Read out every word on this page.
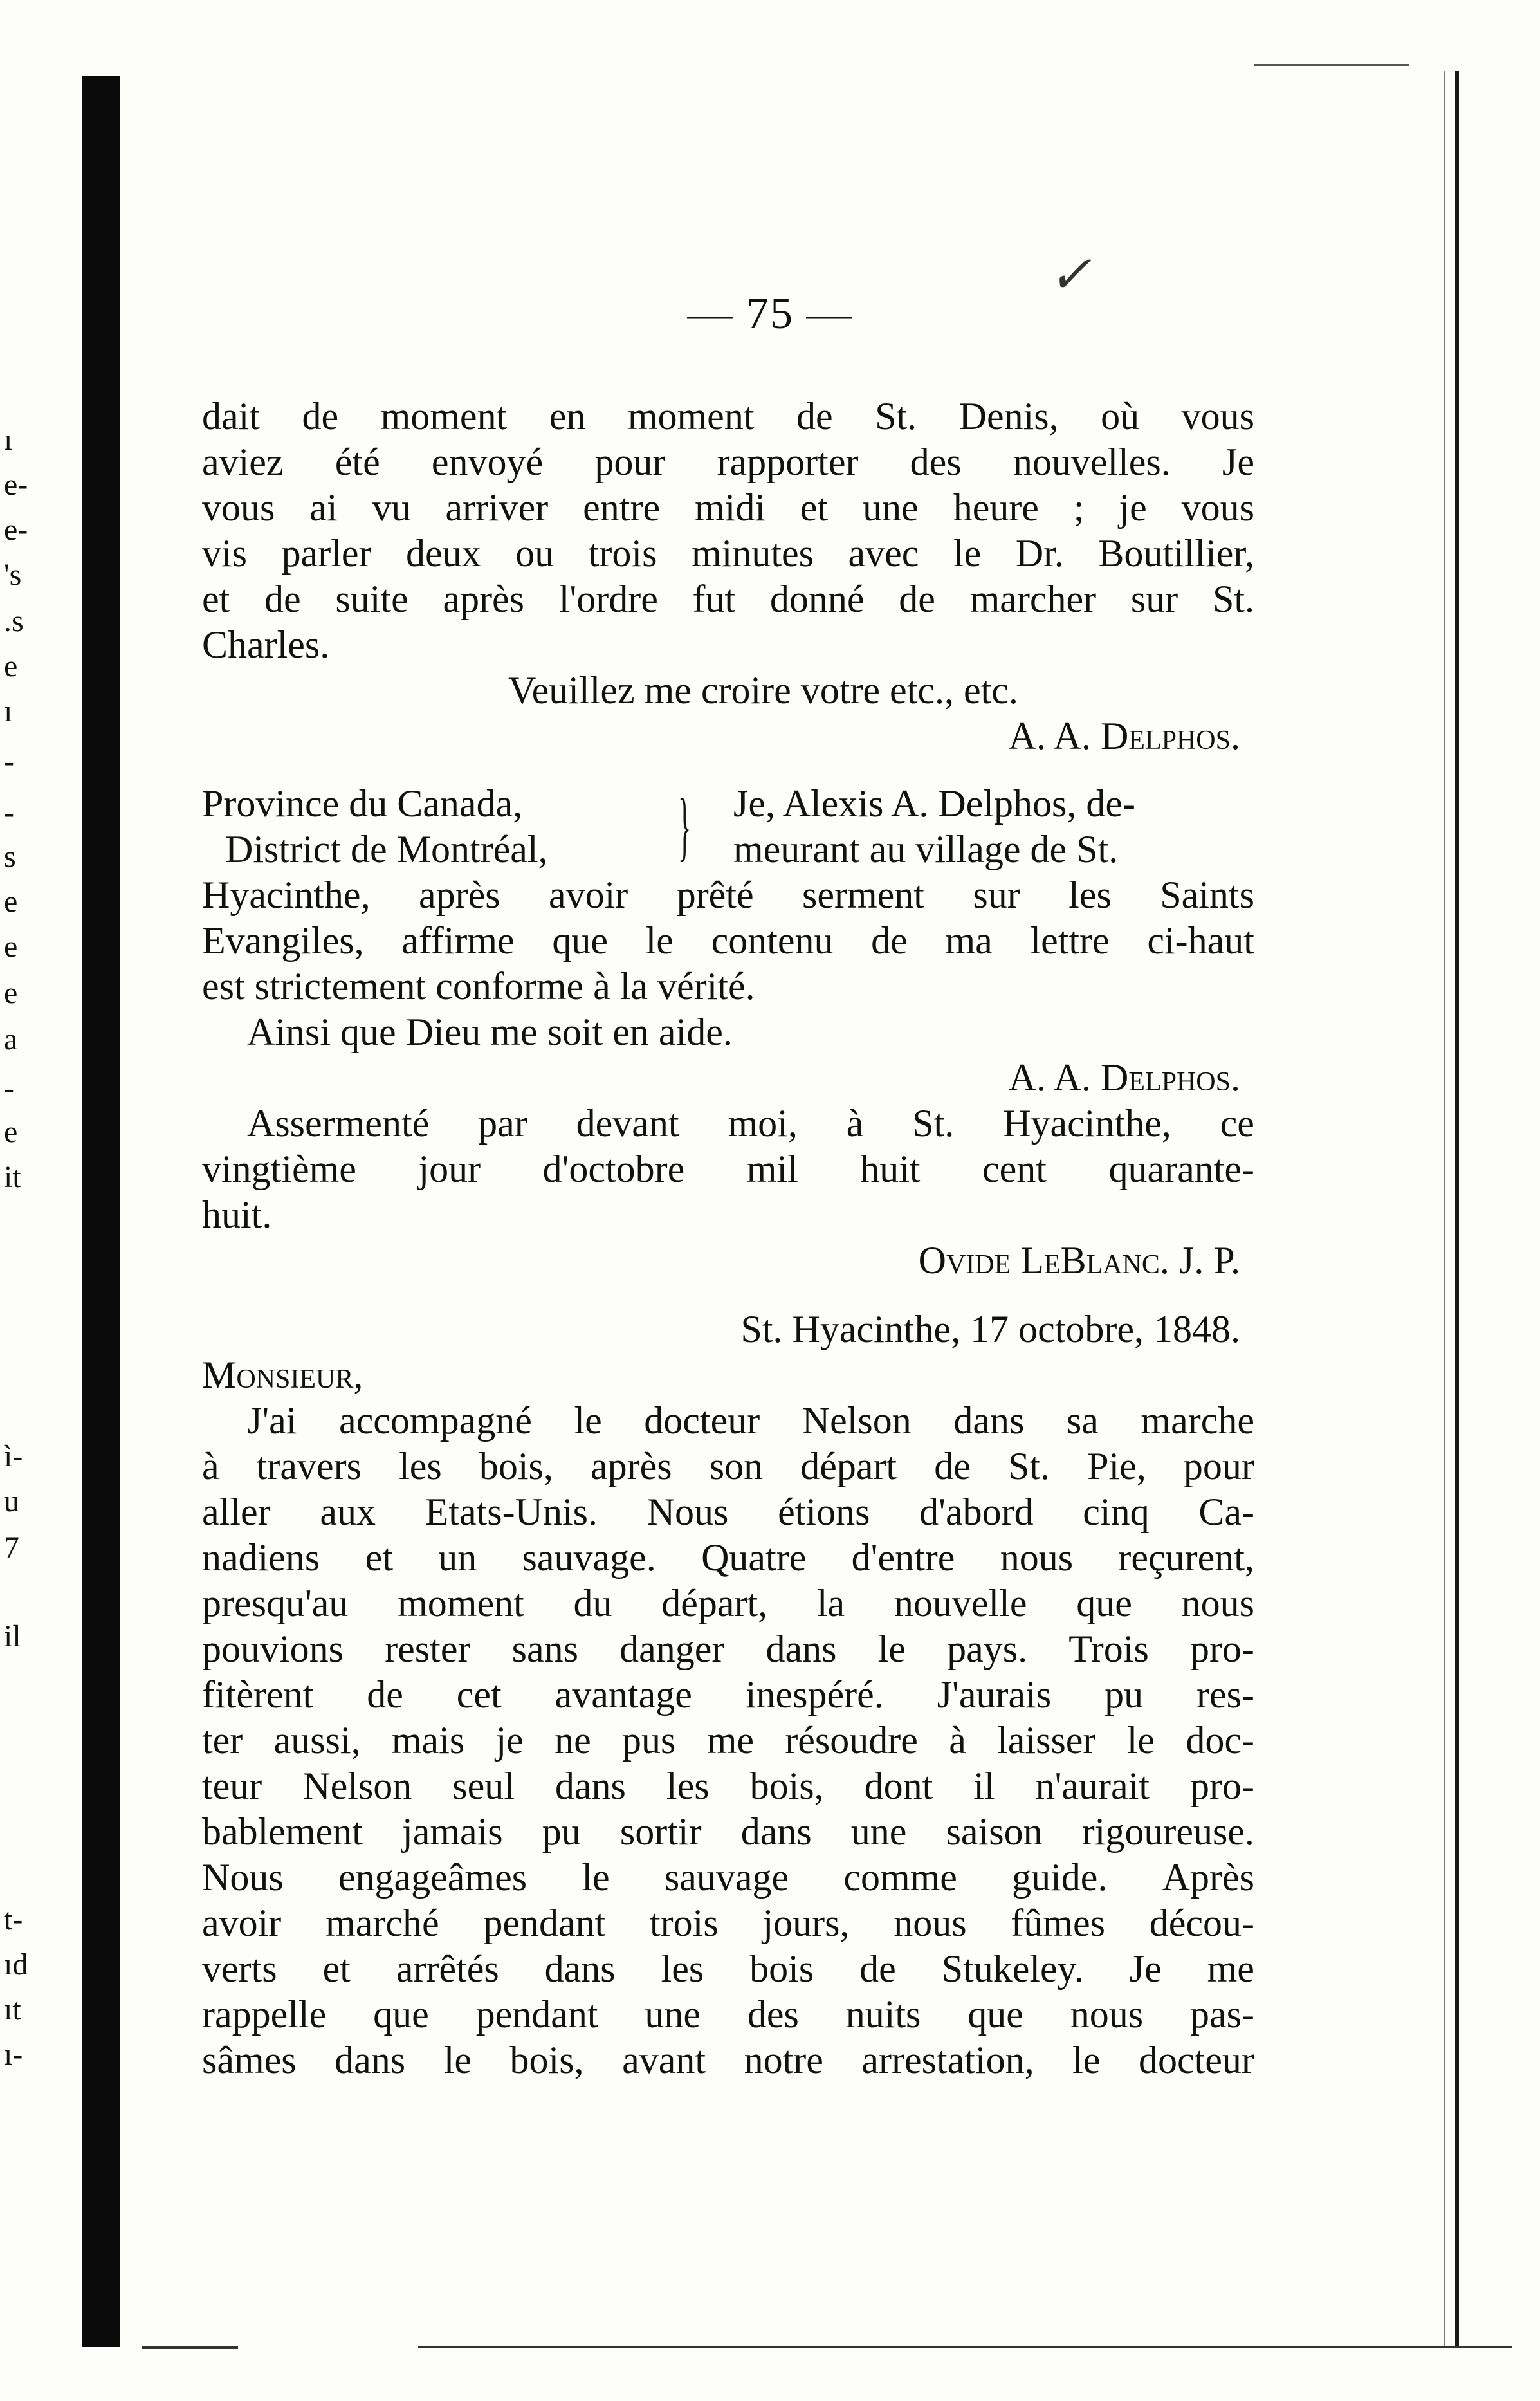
ı
e-
e-
's
.s
e
ı
-
-
s
e
e
e
a
-
e
it
ì-
u
7
il
t-
ıd
ıt
ı-
✓
— 75 —
dait de moment en moment de St. Denis, où vous
aviez été envoyé pour rapporter des nouvelles. Je
vous ai vu arriver entre midi et une heure ; je vous
vis parler deux ou trois minutes avec le Dr. Boutillier,
et de suite après l'ordre fut donné de marcher sur St.
Charles.
Veuillez me croire votre etc., etc.
A. A. Delphos.
Province du Canada,	Je, Alexis A. Delphos, de-
District de Montréal,	meurant au village de St.
}
Hyacinthe, après avoir prêté serment sur les Saints
Evangiles, affirme que le contenu de ma lettre ci-haut
est strictement conforme à la vérité.
Ainsi que Dieu me soit en aide.
A. A. Delphos.
Assermenté par devant moi, à St. Hyacinthe, ce
vingtième jour d'octobre mil huit cent quarante-
huit.
Ovide LeBlanc. J. P.
St. Hyacinthe, 17 octobre, 1848.
Monsieur,
J'ai accompagné le docteur Nelson dans sa marche
à travers les bois, après son départ de St. Pie, pour
aller aux Etats-Unis. Nous étions d'abord cinq Ca-
nadiens et un sauvage. Quatre d'entre nous reçurent,
presqu'au moment du départ, la nouvelle que nous
pouvions rester sans danger dans le pays. Trois pro-
fitèrent de cet avantage inespéré. J'aurais pu res-
ter aussi, mais je ne pus me résoudre à laisser le doc-
teur Nelson seul dans les bois, dont il n'aurait pro-
bablement jamais pu sortir dans une saison rigoureuse.
Nous engageâmes le sauvage comme guide. Après
avoir marché pendant trois jours, nous fûmes décou-
verts et arrêtés dans les bois de Stukeley. Je me
rappelle que pendant une des nuits que nous pas-
sâmes dans le bois, avant notre arrestation, le docteur
